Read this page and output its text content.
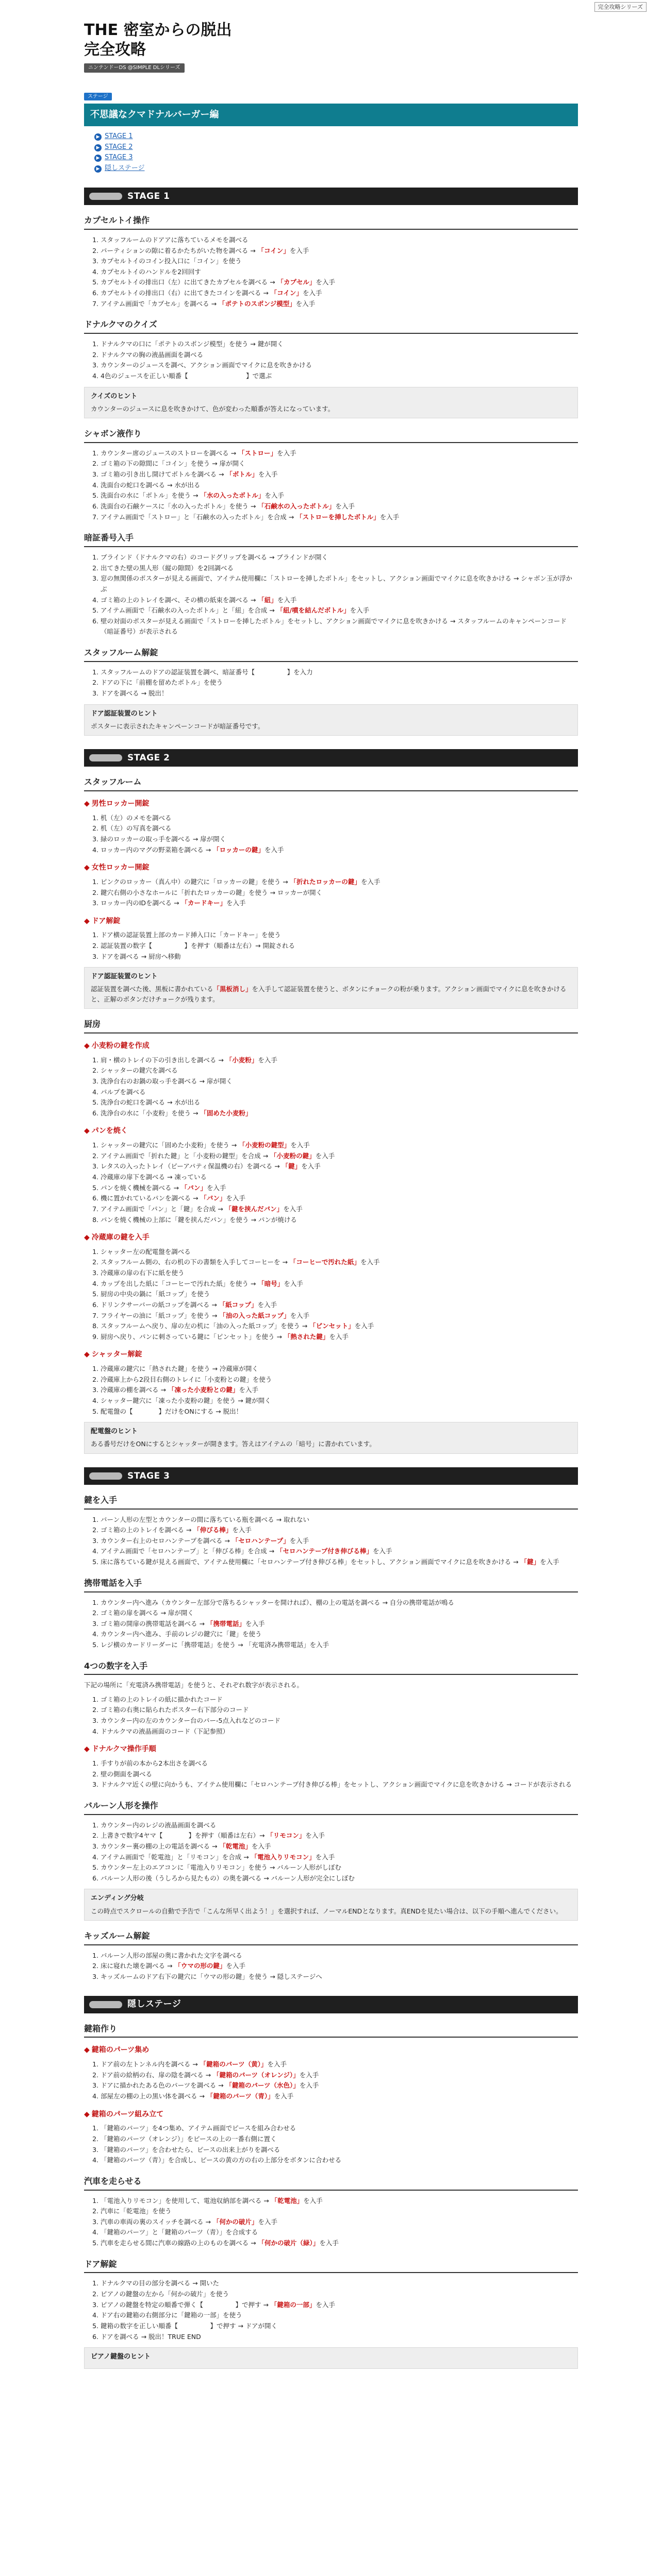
完全攻略シリーズ
THE 密室からの脱出
完全攻略
ニンテンドーDS @SIMPLE DLシリーズ
ステージ
不思議なクマドナルバーガー編
▶ STAGE 1
▶ STAGE 2
▶ STAGE 3
▶ 隠しステージ
STAGE 1
カプセルトイ操作
1. スタッフルームのドアアに落ちているメモを調べる
2. パーティションの隙に着るかたちがいた物を調べる → 「コイン」を入手
3. カプセルトイのコイン投入口に「コイン」を使う
4. カプセルトイのハンドルを2回回す
5. カプセルトイの排出口（左）に出てきたカプセルを調べる → 「カプセル」を入手
6. カプセルトイの排出口（右）に出てきたコインを調べる → 「コイン」を入手
7. アイテム画面で「カプセル」を調べる → 「ポテトのスポンジ模型」を入手
ドナルクマのクイズ
1. ドナルクマの口に「ポテトのスポンジ模型」を使う → 鍵が開く
2. ドナルクマの胸の液晶画面を調べる
3. カウンターのジュースを調べ、アクション画面でマイクに息を吹きかける
4. 4色のジュースを正しい順番【　　　　　　　　　】で選ぶ
クイズのヒント
カウンターのジュースに息を吹きかけて、色が変わった順番が答えになっています。
シャボン液作り
1. カウンター席のジュースのストローを調べる → 「ストロー」を入手
2. ゴミ箱の下の隙間に「コイン」を使う → 扉が開く
3. ゴミ箱の引き出し開けてボトルを調べる → 「ボトル」を入手
4. 洗面台の蛇口を調べる → 水が出る
5. 洗面台の水に「ボトル」を使う → 「水の入ったボトル」を入手
6. 洗面台の石鹸ケースに「水の入ったボトル」を使う → 「石鹸水の入ったボトル」を入手
7. アイテム画面で「ストロー」と「石鹸水の入ったボトル」を合成 → 「ストローを挿したボトル」を入手
暗証番号入手
1. ブラインド（ドナルクマの右）のコードグリップを調べる → ブラインドが開く
2. 出てきた壁の黒人形（縦の隙間）を2回調べる
3. 窓の無関係のポスターが見える画面で、アイテム使用欄に「ストローを挿したボトル」をセットし、アクション画面でマイクに息を吹きかける → シャボン玉が浮かぶ
4. ゴミ箱の上のトレイを調べ、その横の紙束を調べる → 「紐」を入手
5. アイテム画面で「石鹸水の入ったボトル」と「紐」を合成 → 「紐/噴を結んだボトル」を入手
6. 壁の対面のポスターが見える画面で「ストローを挿したボトル」をセットし、アクション画面でマイクに息を吹きかける → スタッフルームのキャンペーンコード（暗証番号）が表示される
スタッフルーム解錠
1. スタッフルームのドアの認証装置を調べ、暗証番号【　　　　　】を入力
2. ドアの下に「前棚を留めたボトル」を使う
3. ドアを調べる → 脱出！
ドア認証装置のヒント
ポスターに表示されたキャンペーンコードが暗証番号です。
STAGE 2
スタッフルーム
◆ 男性ロッカー開錠
1. 机（左）のメモを調べる
2. 机（左）の写真を調べる
3. 緑のロッカーの取っ手を調べる → 扉が開く
4. ロッカー内のマグの野菜箱を調べる → 「ロッカーの鍵」を入手
◆ 女性ロッカー開錠
1. ピンクのロッカー（真ん中）の鍵穴に「ロッカーの鍵」を使う → 「折れたロッカーの鍵」を入手
2. 鍵穴右側の小さなホールに「折れたロッカーの鍵」を使う → ロッカーが開く
3. ロッカー内のIDを調べる → 「カードキー」を入手
◆ ドア解錠
1. ドア横の認証装置上部のカード挿入口に「カードキー」を使う
2. 認証装置の数字【　　　　　】を押す（順番は左右）→ 開錠される
3. ドアを調べる → 厨房へ移動
ドア認証装置のヒント
認証装置を調べた後、黒板に書かれている「黒板消し」を入手して認証装置を使うと、ボタンにチョークの粉が乗ります。アクション画面でマイクに息を吹きかけると、正解のボタンだけチョークが残ります。
厨房
◆ 小麦粉の鍵を作成
1. 肩・横のトレイの下の引き出しを調べる → 「小麦粉」を入手
2. シャッターの鍵穴を調べる
3. 洗浄台右のお鍋の取っ手を調べる → 扉が開く
4. パルプを調べる
5. 洗浄台の蛇口を調べる → 水が出る
6. 洗浄台の水に「小麦粉」を使う → 「固めた小麦粉」
◆ パンを焼く
1. シャッターの鍵穴に「固めた小麦粉」を使う → 「小麦粉の鍵型」を入手
2. アイテム画面で「折れた鍵」と「小麦粉の鍵型」を合成 → 「小麦粉の鍵」を入手
3. レタスの入ったトレイ（ピーアパティ保温機の右）を調べる → 「鍵」を入手
4. 冷蔵庫の扉下を調べる → 凍っている
5. パンを焼く機械を調べる → 「パン」を入手
6. 機に置かれているパンを調べる → 「パン」を入手
7. アイテム画面で「パン」と「鍵」を合成 → 「鍵を挟んだパン」を入手
8. パンを焼く機械の上部に「鍵を挟んだパン」を使う → パンが焼ける
◆ 冷蔵庫の鍵を入手
1. シャッター左の配電盤を調べる
2. スタッフルーム側の、右の机の下の書類を入手してコーヒーを → 「コーヒーで汚れた紙」を入手
3. 冷蔵庫の扉の右下に紙を使う
4. カップを出した紙に「コーヒーで汚れた紙」を使う → 「暗号」を入手
5. 厨房の中央の鍋に「紙コップ」を使う
6. ドリンクサーバーの紙コップを調べる → 「紙コップ」を入手
7. フライヤーの油に「紙コップ」を使う → 「油の入った紙コップ」を入手
8. スタッフルームへ戻り、扉の左の机に「油の入った紙コップ」を使う → 「ピンセット」を入手
9. 厨房へ戻り、パンに刺さっている鍵に「ピンセット」を使う → 「熱された鍵」を入手
◆ シャッター解錠
1. 冷蔵庫の鍵穴に「熱された鍵」を使う → 冷蔵庫が開く
2. 冷蔵庫上から2段目右側のトレイに「小麦粉との鍵」を使う
3. 冷蔵庫の棚を調べる → 「凍った小麦粉との鍵」を入手
4. シャッター鍵穴に「凍った小麦粉の鍵」を使う → 鍵が開く
5. 配電盤の【　　　　】だけをONにする → 脱出！
配電盤のヒント
ある番号だけをONにするとシャッターが開きます。答えはアイテムの「暗号」に書かれています。
STAGE 3
鍵を入手
1. バーン人形の左型とカウンターの間に落ちている瓶を調べる → 取れない
2. ゴミ箱の上のトレイを調べる → 「伸びる棒」を入手
3. カウンター右上のセロハンテープを調べる → 「セロハンテープ」を入手
4. アイテム画面で「セロハンテープ」と「伸びる棒」を合成 → 「セロハンテープ付き伸びる棒」を入手
5. 床に落ちている鍵が見える画面で、アイテム使用欄に「セロハンテープ付き伸びる棒」をセットし、アクション画面でマイクに息を吹きかける → 「鍵」を入手
携帯電話を入手
1. カウンター内へ進み（カウンター左部分で落ちるシャッターを開ければ）、棚の上の電話を調べる → 自分の携帯電話が鳴る
2. ゴミ箱の扉を調べる → 扉が開く
3. ゴミ箱の開扉の携帯電話を調べる → 「携帯電話」を入手
4. カウンター内へ進み、手前のレジの鍵穴に「鍵」を使う
5. レジ横のカードリーダーに「携帯電話」を使う → 「充電済み携帯電話」を入手
4つの数字を入手

下記の場所に「充電済み携帯電話」を使うと、それぞれ数字が表示される。

1. ゴミ箱の上のトレイの紙に描かれたコード
2. ゴミ箱の右奥に貼られたポスター右下部分のコード
3. カウンター内の左のカウンター台のバー-5点入れなどのコード
4. ドナルクマの液晶画面のコード（下記参照）
◆ ドナルクマ操作手順
1. 手すりが前の本から2本出さを調べる
2. 壁の側面を調べる
3. ドナルクマ近くの壁に向かうも、アイテム使用欄に「セロハンテープ付き伸びる棒」をセットし、アクション画面でマイクに息を吹きかける → コードが表示される
バルーン人形を操作
1. カウンター内のレジの液晶画面を調べる
2. 上書きで数字4ヤマ【　　　　】を押す（順番は左右）→ 「リモコン」を入手
3. カウンター裏の棚の上の電話を調べる → 「乾電池」を入手
4. アイテム画面で「乾電池」と「リモコン」を合成 → 「電池入りリモコン」を入手
5. カウンター左上のエアコンに「電池入りリモコン」を使う → バルーン人形がしぼむ
6. バルーン人形の後（うしろから見たもの）の奥を調べる → バルーン人形が完全にしぼむ
エンディング分岐
この時点でスクロールの自動で予告で「こんな所早く出よう！」を選択すれば、ノーマルENDとなります。真ENDを見たい場合は、以下の手順へ進んでください。
キッズルーム解錠
1. バルーン人形の部屋の奥に書かれた文字を調べる
2. 床に寝れた壊を調べる → 「ウマの形の鍵」を入手
3. キッズルームのドア右下の鍵穴に「ウマの形の鍵」を使う → 隠しステージへ
隠しステージ
鍵箱作り
◆ 鍵箱のパーツ集め
1. ドア前の左トンネル内を調べる → 「鍵箱のパーツ（黄）」を入手
2. ドア前の絵柄の右、扉の陰を調べる → 「鍵箱のパーツ（オレンジ）」を入手
3. ドアに描かれたある色のパーツを調べる → 「鍵箱のパーツ（水色）」を入手
4. 部屋左の棚の上の黒い体を調べる → 「鍵箱のパーツ（青）」を入手
◆ 鍵箱のパーツ組み立て
1. 「鍵箱のパーツ」を4つ集め、アイテム画面でピースを組み合わせる
2. 「鍵箱のパーツ（オレンジ）」をピースの上の一番右側に置く
3. 「鍵箱のパーツ」を合わせたら、ピースの出来上がりを調べる
4. 「鍵箱のパーツ（青）」を合成し、ピースの黄の方の右の上部分をボタンに合わせる
汽車を走らせる
1. 「電池入りリモコン」を使用して、電池収納部を調べる → 「乾電池」を入手
2. 汽車に「乾電池」を使う
3. 汽車の車両の裏のスイッチを調べる → 「何かの破片」を入手
4. 「鍵箱のパーツ」と「鍵箱のパーツ（青）」を合成する
5. 汽車を走らせる間に汽車の線路の上のものを調べる → 「何かの破片（緑）」を入手
ドア解錠
1. ドナルクマの目の部分を調べる → 開いた
2. ピアノの鍵盤の左から「何かの破片」を使う
3. ピアノの鍵盤を特定の順番で弾く【　　　　　】で押す → 「鍵箱の一部」を入手
4. ドア右の鍵箱の右側部分に「鍵箱の一部」を使う
5. 鍵箱の数字を正しい順番【　　　　　】で押す → ドアが開く
6. ドアを調べる → 脱出！TRUE END
ピアノ鍵盤のヒント
